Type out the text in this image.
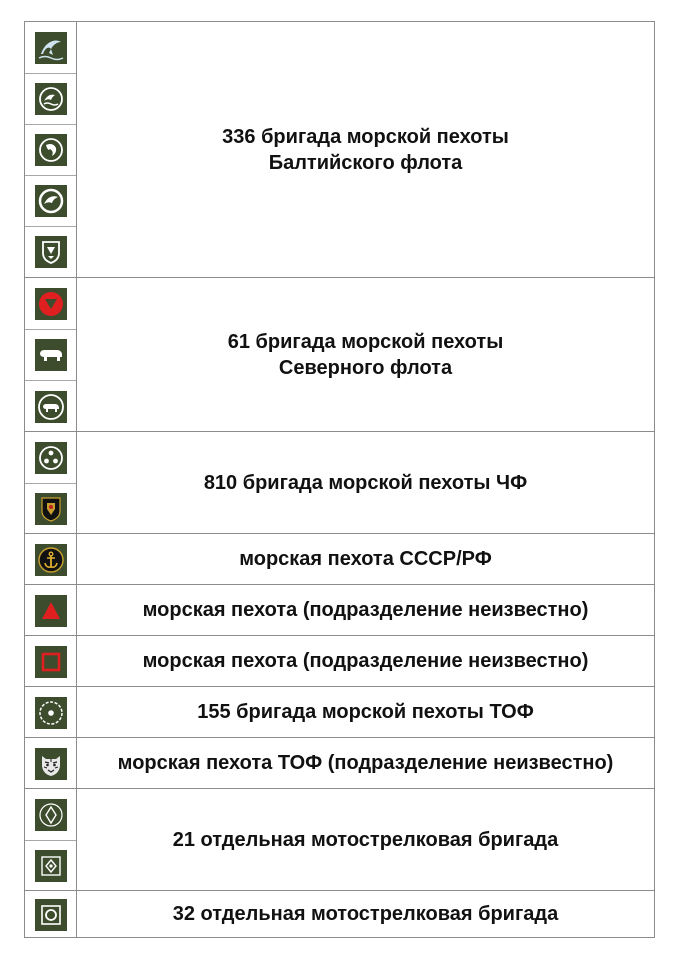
336 бригада морской пехоты
Балтийского флота
61 бригада морской пехоты
Северного флота
810 бригада морской пехоты ЧФ
морская пехота СССР/РФ
морская пехота (подразделение неизвестно)
морская пехота (подразделение неизвестно)
155 бригада морской пехоты ТОФ
морская пехота ТОФ (подразделение неизвестно)
21 отдельная мотострелковая бригада
32 отдельная мотострелковая бригада
